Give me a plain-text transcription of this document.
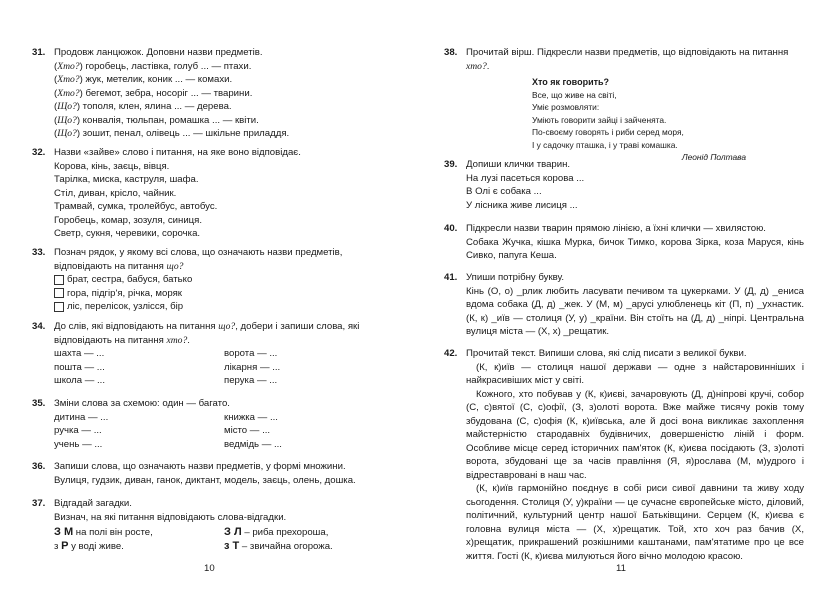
31. Продовж ланцюжок. Доповни назви предметів.
(Хто?) горобець, ластівка, голуб ... — птахи.
(Хто?) жук, метелик, коник ... — комахи.
(Хто?) бегемот, зебра, носоріг ... — тварини.
(Що?) тополя, клен, ялина ... — дерева.
(Що?) конвалія, тюльпан, ромашка ... — квіти.
(Що?) зошит, пенал, олівець ... — шкільне приладдя.
32. Назви «зайве» слово і питання, на яке воно відповідає.
Корова, кінь, заєць, вівця.
Тарілка, миска, каструля, шафа.
Стіл, диван, крісло, чайник.
Трамвай, сумка, тролейбус, автобус.
Горобець, комар, зозуля, синиця.
Светр, сукня, черевики, сорочка.
33. Познач рядок, у якому всі слова, що означають назви предметів, відповідають на питання що?
брат, сестра, бабуся, батько
гора, підгір'я, річка, моряк
ліс, перелісок, узлісся, бір
34. До слів, які відповідають на питання що?, добери і запиши слова, які відповідають на питання хто?.
шахта — ...	ворота — ...
пошта — ...	лікарня — ...
школа — ...	перука — ...
35. Зміни слова за схемою: один — багато.
дитина — ...	книжка — ...
ручка — ...	місто — ...
учень — ...	ведмідь — ...
36. Запиши слова, що означають назви предметів, у формі множини.
Вулиця, гудзик, диван, ганок, диктант, модель, заєць, олень, дошка.
37. Відгадай загадки.
Визнач, на які питання відповідають слова-відгадки.
З М на полі він росте,	З Л – риба прехороша,
з Р у воді живе.	з Т – звичайна огорожа.
10
38. Прочитай вірш. Підкресли назви предметів, що відповідають на питання хто?.
Хто як говорить?
Все, що живе на світі,
Уміє розмовляти:
Уміють говорити зайці і зайченята.
По-своєму говорять і риби серед моря,
І у садочку пташка, і у траві комашка.
Леонід Полтава
39. Допиши клички тварин.
На лузі пасеться корова ...
В Олі є собака ...
У лісника живе лисиця ...
40. Підкресли назви тварин прямою лінією, а їхні клички — хвилястою.
Собака Жучка, кішка Мурка, бичок Тимко, корова Зірка, коза Маруся, кінь Сивко, папуга Кеша.
41. Упиши потрібну букву.
Кінь (О, о) _рлик любить ласувати печивом та цукерками. У (Д, д) _ениса вдома собака (Д, д) _жек. У (М, м) _арусі улюбленець кіт (П, п) _ухнастик. (К, к) _иїв — столиця (У, у) _країни. Він стоїть на (Д, д) _ніпрі. Центральна вулиця міста — (Х, х) _рещатик.
42. Прочитай текст. Випиши слова, які слід писати з великої букви.
(К, к)иїв — столиця нашої держави — одне з найстаровинніших і найкрасивіших міст у світі.
Кожного, хто побував у (К, к)иєві, зачаровують (Д, д)ніпрові кручі, собор (С, с)вятої (С, с)офії, (З, з)олоті ворота. Вже майже тисячу років тому збудована (С, с)офія (К, к)иївська, але й досі вона викликає захоплення майстерністю стародавніх будівничих, довершеністю ліній і форм. Особливе місце серед історичних пам'яток (К, к)иєва посідають (З, з)олоті ворота, збудовані ще за часів правління (Я, я)рослава (М, м)удрого і відреставровані в наш час.
(К, к)иїв гармонійно поєднує в собі риси сивої давнини та живу ходу сьогодення. Столиця (У, у)країни — це сучасне європейське місто, діловий, політичний, культурний центр нашої Батьківщини. Серцем (К, к)иєва є головна вулиця міста — (Х, х)рещатик. Той, хто хоч раз бачив (Х, х)рещатик, прикрашений розкішними каштанами, пам'ятатиме про це все життя. Гості (К, к)иєва милуються його вічно молодою красою.
11
